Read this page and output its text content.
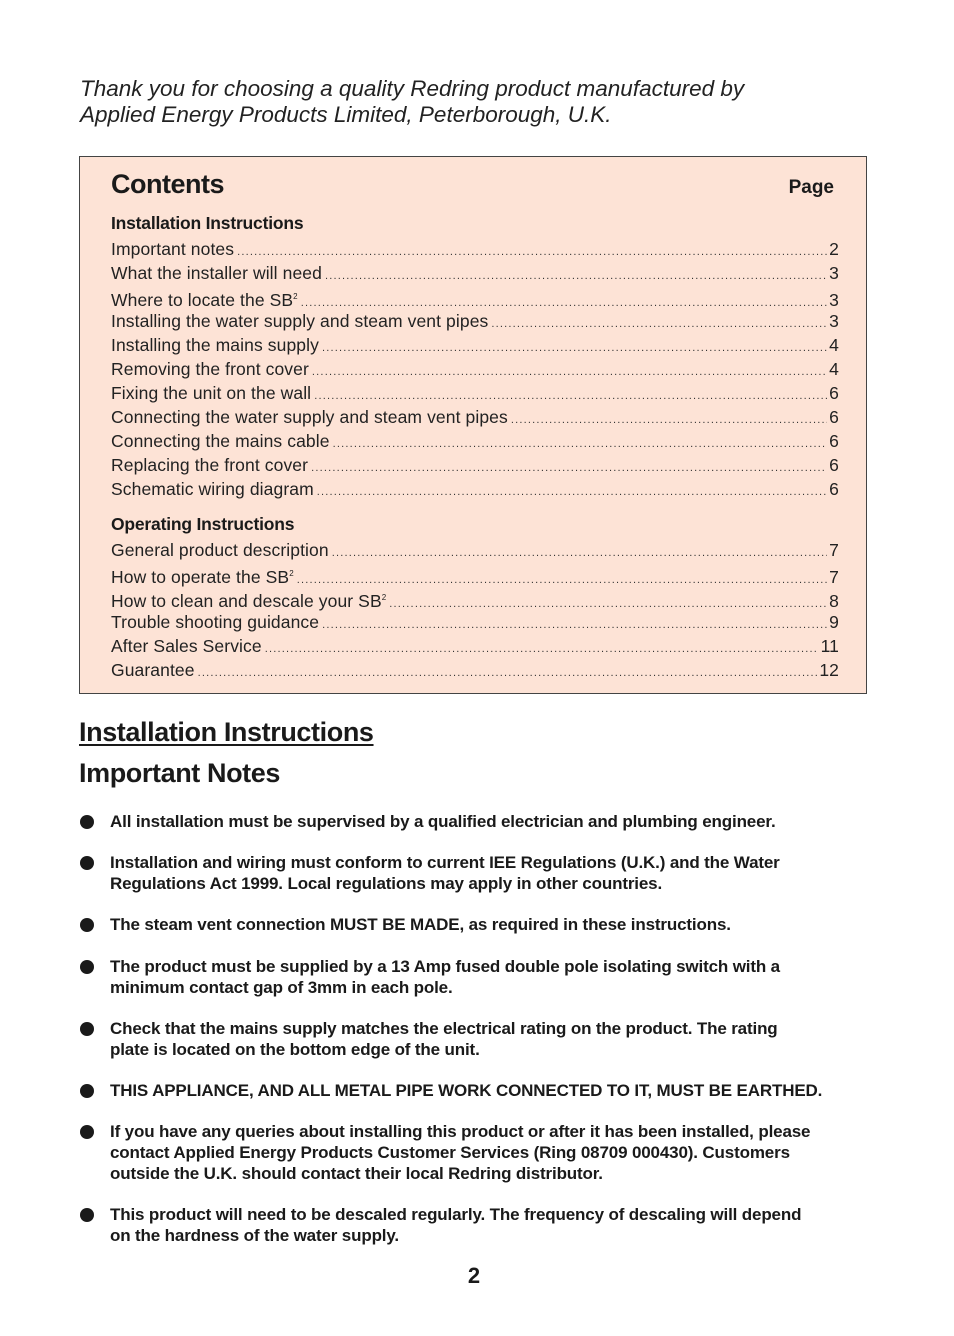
Thank you for choosing a quality Redring product manufactured by
Applied Energy Products Limited, Peterborough, U.K.
Contents	Page
Installation Instructions
Important notes .....	2
What the installer will need .....	3
Where to locate the $SB^2$ .....	3
Installing the water supply and steam vent pipes .....	3
Installing the mains supply .....	4
Removing the front cover .....	4
Fixing the unit on the wall .....	6
Connecting the water supply and steam vent pipes .....	6
Connecting the mains cable .....	6
Replacing the front cover .....	6
Schematic wiring diagram .....	6
Operating Instructions
General product description .....	7
How to operate the $SB^2$ .....	7
How to clean and descale your $SB^2$ .....	8
Trouble shooting guidance .....	9
After Sales Service .....	11
Guarantee .....	12
Installation Instructions
Important Notes
All installation must be supervised by a qualified electrician and plumbing engineer.
Installation and wiring must conform to current IEE Regulations (U.K.) and the Water
Regulations Act 1999. Local regulations may apply in other countries.
The steam vent connection MUST BE MADE, as required in these instructions.
The product must be supplied by a 13 Amp fused double pole isolating switch with a
minimum contact gap of 3mm in each pole.
Check that the mains supply matches the electrical rating on the product. The rating
plate is located on the bottom edge of the unit.
THIS APPLIANCE, AND ALL METAL PIPE WORK CONNECTED TO IT, MUST BE EARTHED.
If you have any queries about installing this product or after it has been installed, please
contact Applied Energy Products Customer Services (Ring 08709 000430). Customers
outside the U.K. should contact their local Redring distributor.
This product will need to be descaled regularly. The frequency of descaling will depend
on the hardness of the water supply.
2
